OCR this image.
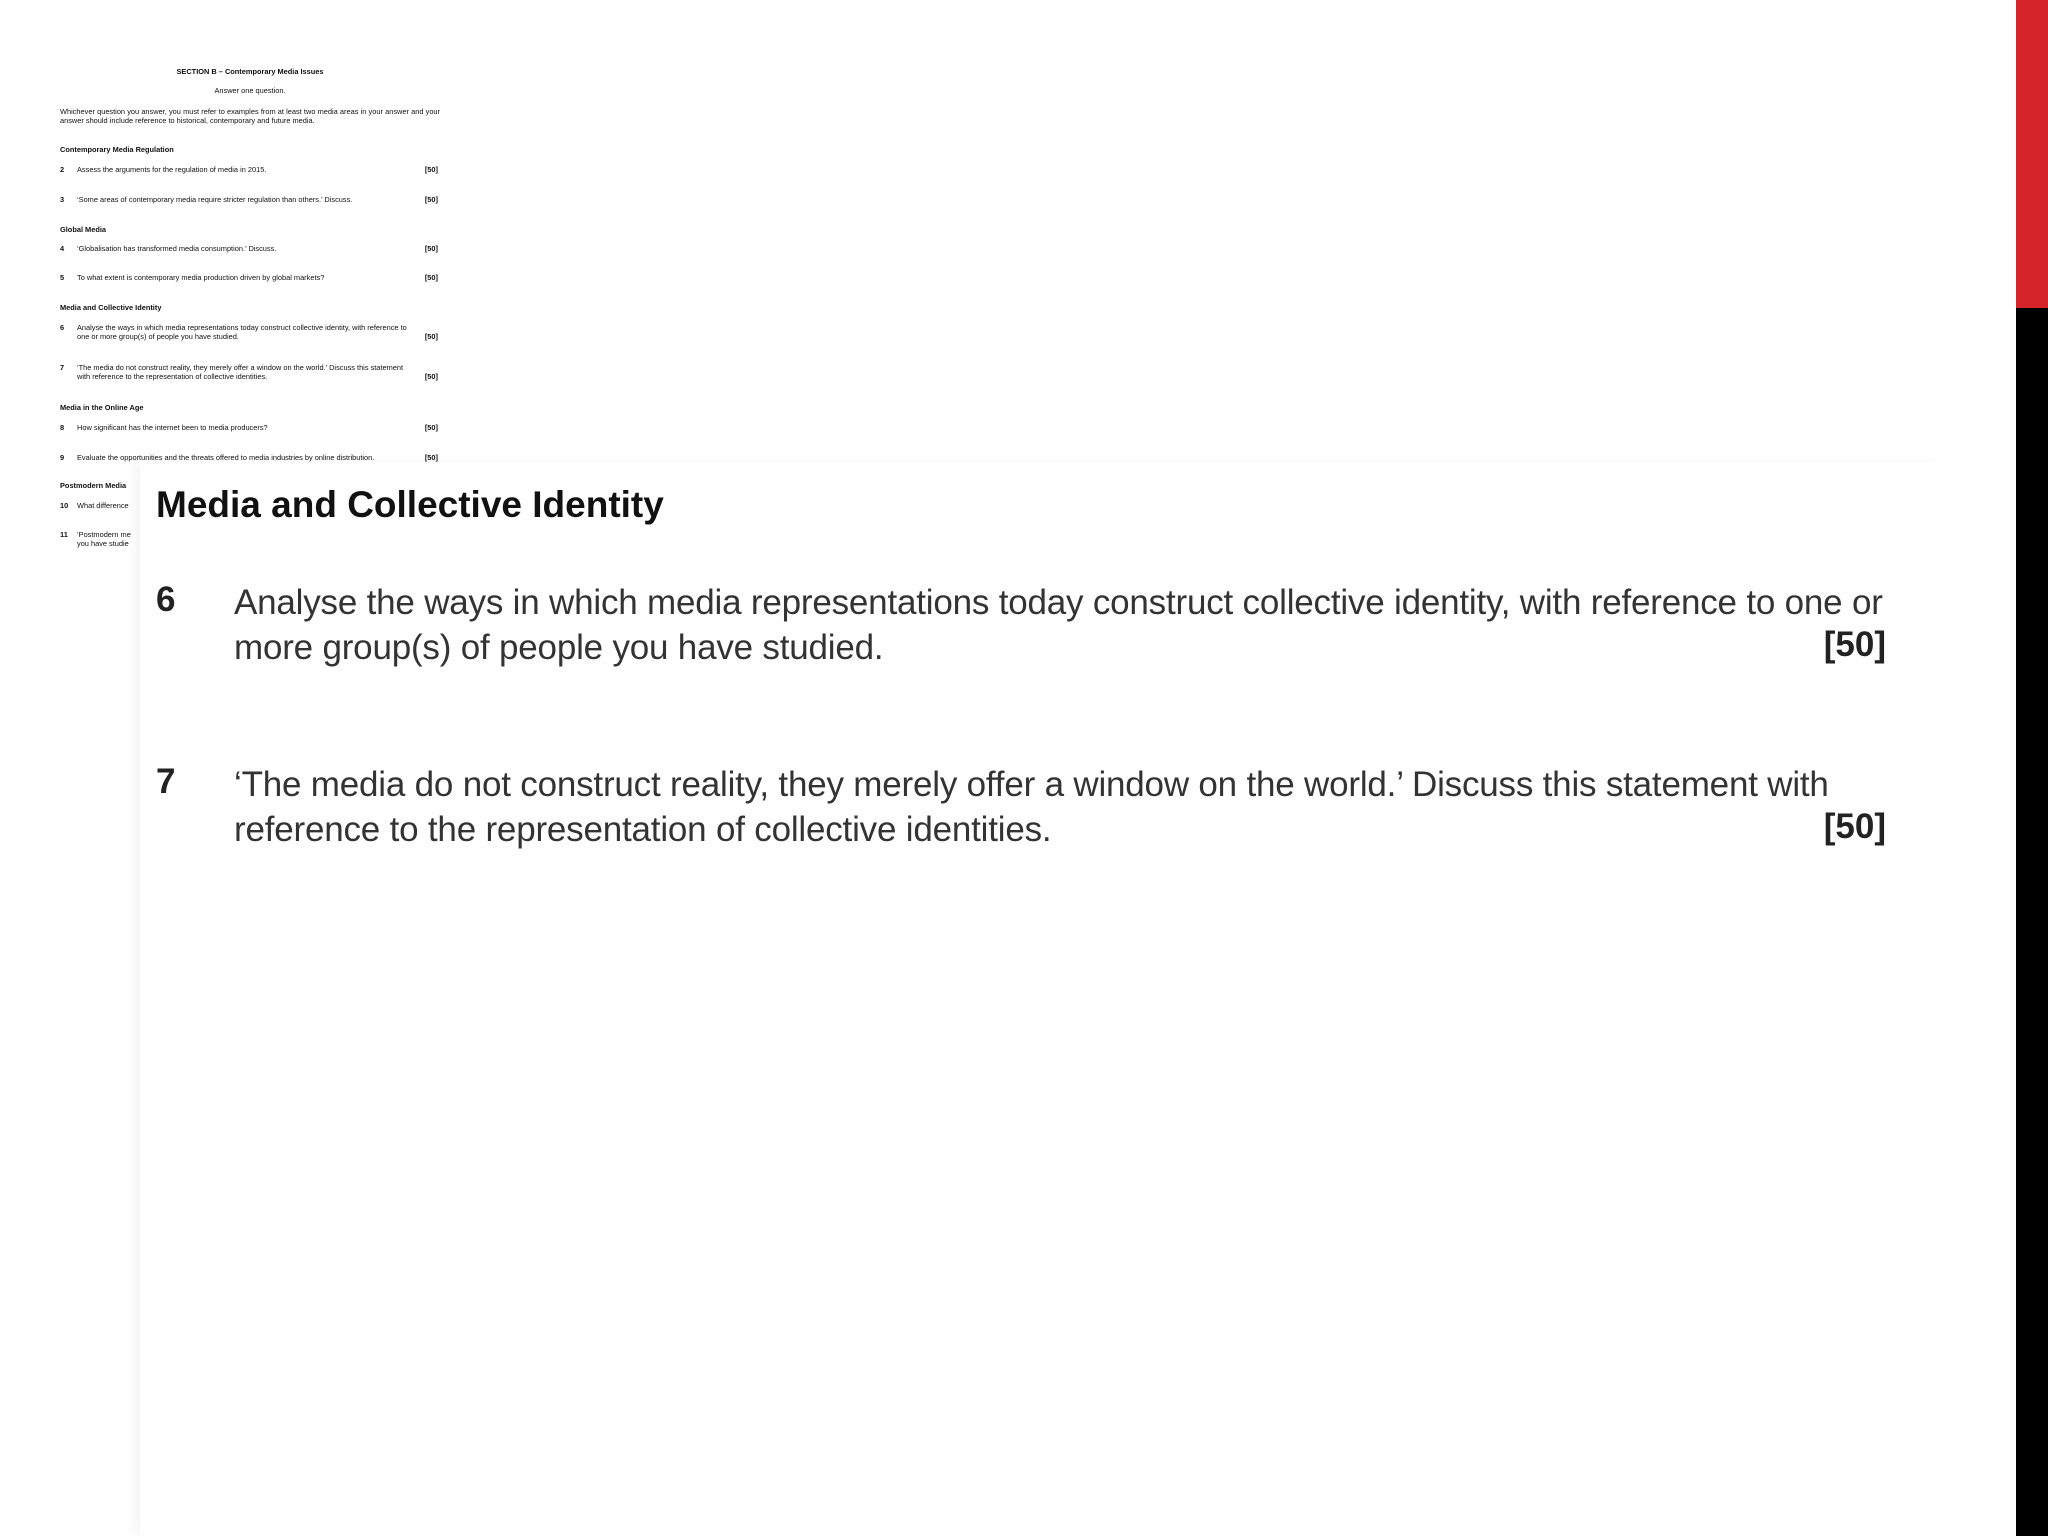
SECTION B – Contemporary Media Issues
Answer one question.
Whichever question you answer, you must refer to examples from at least two media areas in your answer and your answer should include reference to historical, contemporary and future media.
Contemporary Media Regulation
2 Assess the arguments for the regulation of media in 2015.	[50]
3 ‘Some areas of contemporary media require stricter regulation than others.’ Discuss.	[50]
Global Media
4 ‘Globalisation has transformed media consumption.’ Discuss.	[50]
5 To what extent is contemporary media production driven by global markets?	[50]
Media and Collective Identity
6 Analyse the ways in which media representations today construct collective identity, with reference to one or more group(s) of people you have studied.	[50]
7 ‘The media do not construct reality, they merely offer a window on the world.’ Discuss this statement with reference to the representation of collective identities.	[50]
Media in the Online Age
8 How significant has the internet been to media producers?	[50]
9 Evaluate the opportunities and the threats offered to media industries by online distribution.	[50]
Postmodern Media
10 What difference
11 ‘Postmodern me you have studie
Media and Collective Identity
6 Analyse the ways in which media representations today construct collective identity, with reference to one or more group(s) of people you have studied.	[50]
7 ‘The media do not construct reality, they merely offer a window on the world.’ Discuss this statement with reference to the representation of collective identities.	[50]
